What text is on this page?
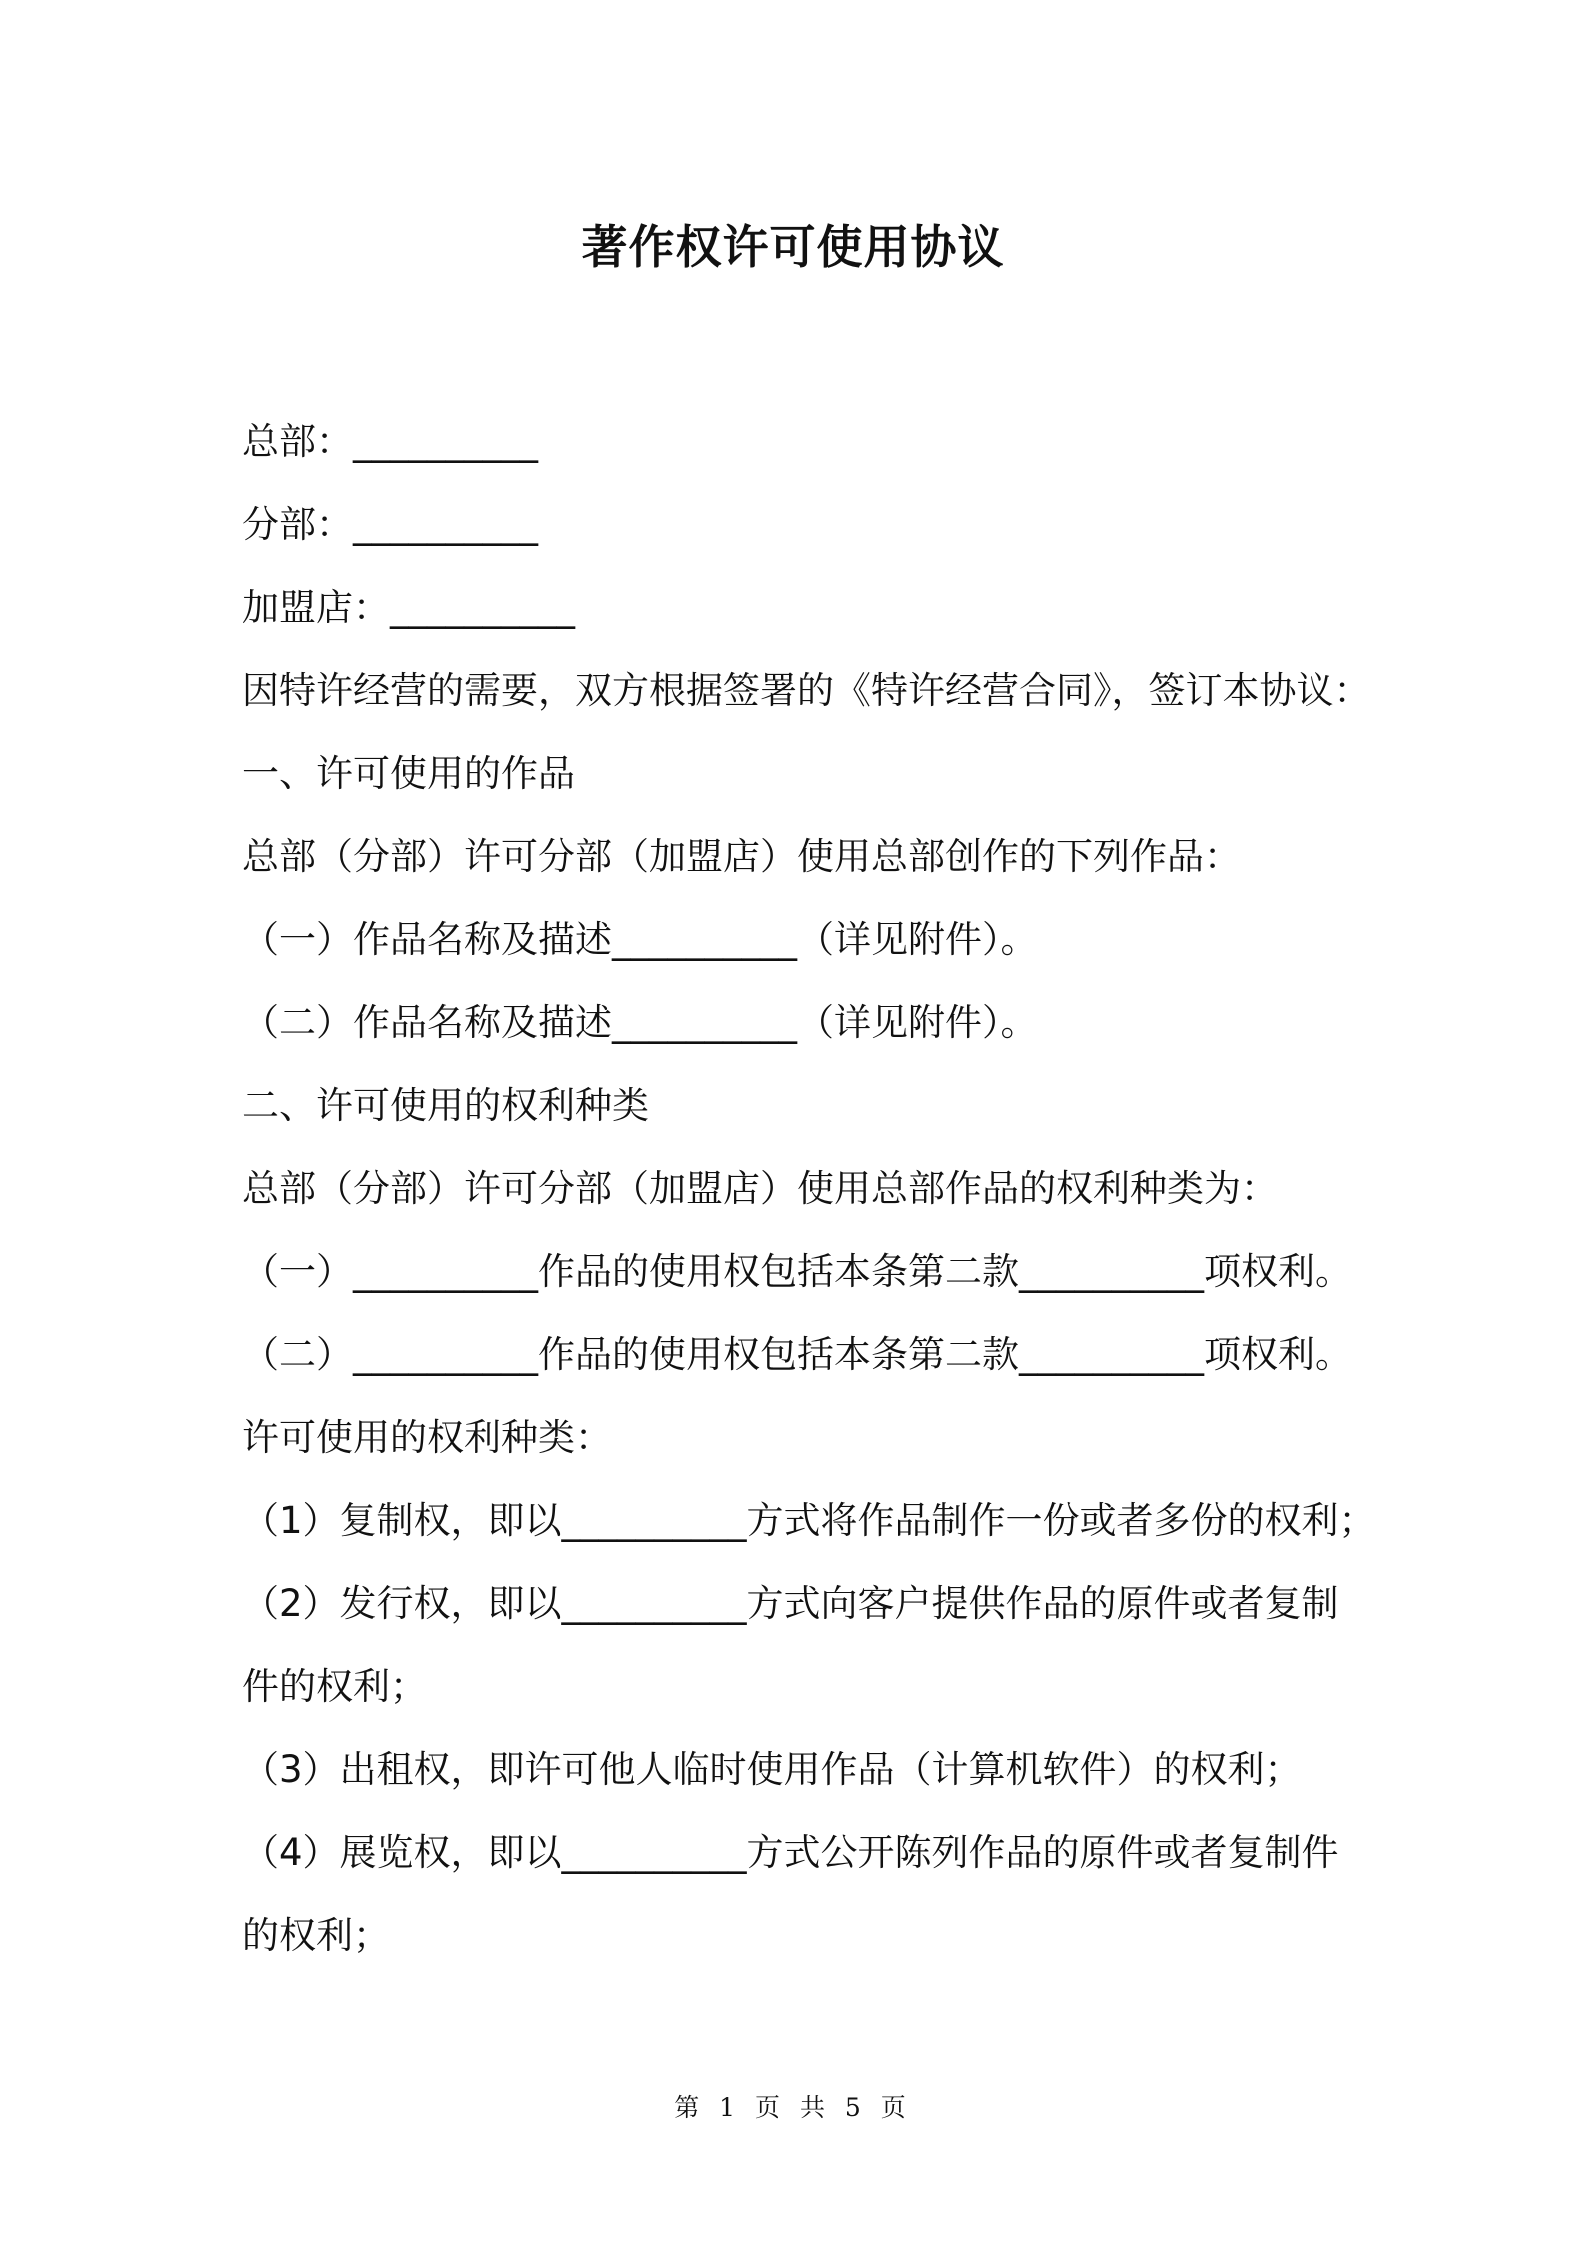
著作权许可使用协议

总部：__________

分部：__________

加盟店：__________

因特许经营的需要，双方根据签署的《特许经营合同》，签订本协议：

一、许可使用的作品

总部（分部）许可分部（加盟店）使用总部创作的下列作品：

（一）作品名称及描述__________（详见附件）。

（二）作品名称及描述__________（详见附件）。

二、许可使用的权利种类

总部（分部）许可分部（加盟店）使用总部作品的权利种类为：

（一）__________作品的使用权包括本条第二款__________项权利。

（二）__________作品的使用权包括本条第二款__________项权利。

许可使用的权利种类：

（1）复制权，即以__________方式将作品制作一份或者多份的权利；

（2）发行权，即以__________方式向客户提供作品的原件或者复制

件的权利；

（3）出租权，即许可他人临时使用作品（计算机软件）的权利；

（4）展览权，即以__________方式公开陈列作品的原件或者复制件

的权利；

第 1 页 共 5 页
